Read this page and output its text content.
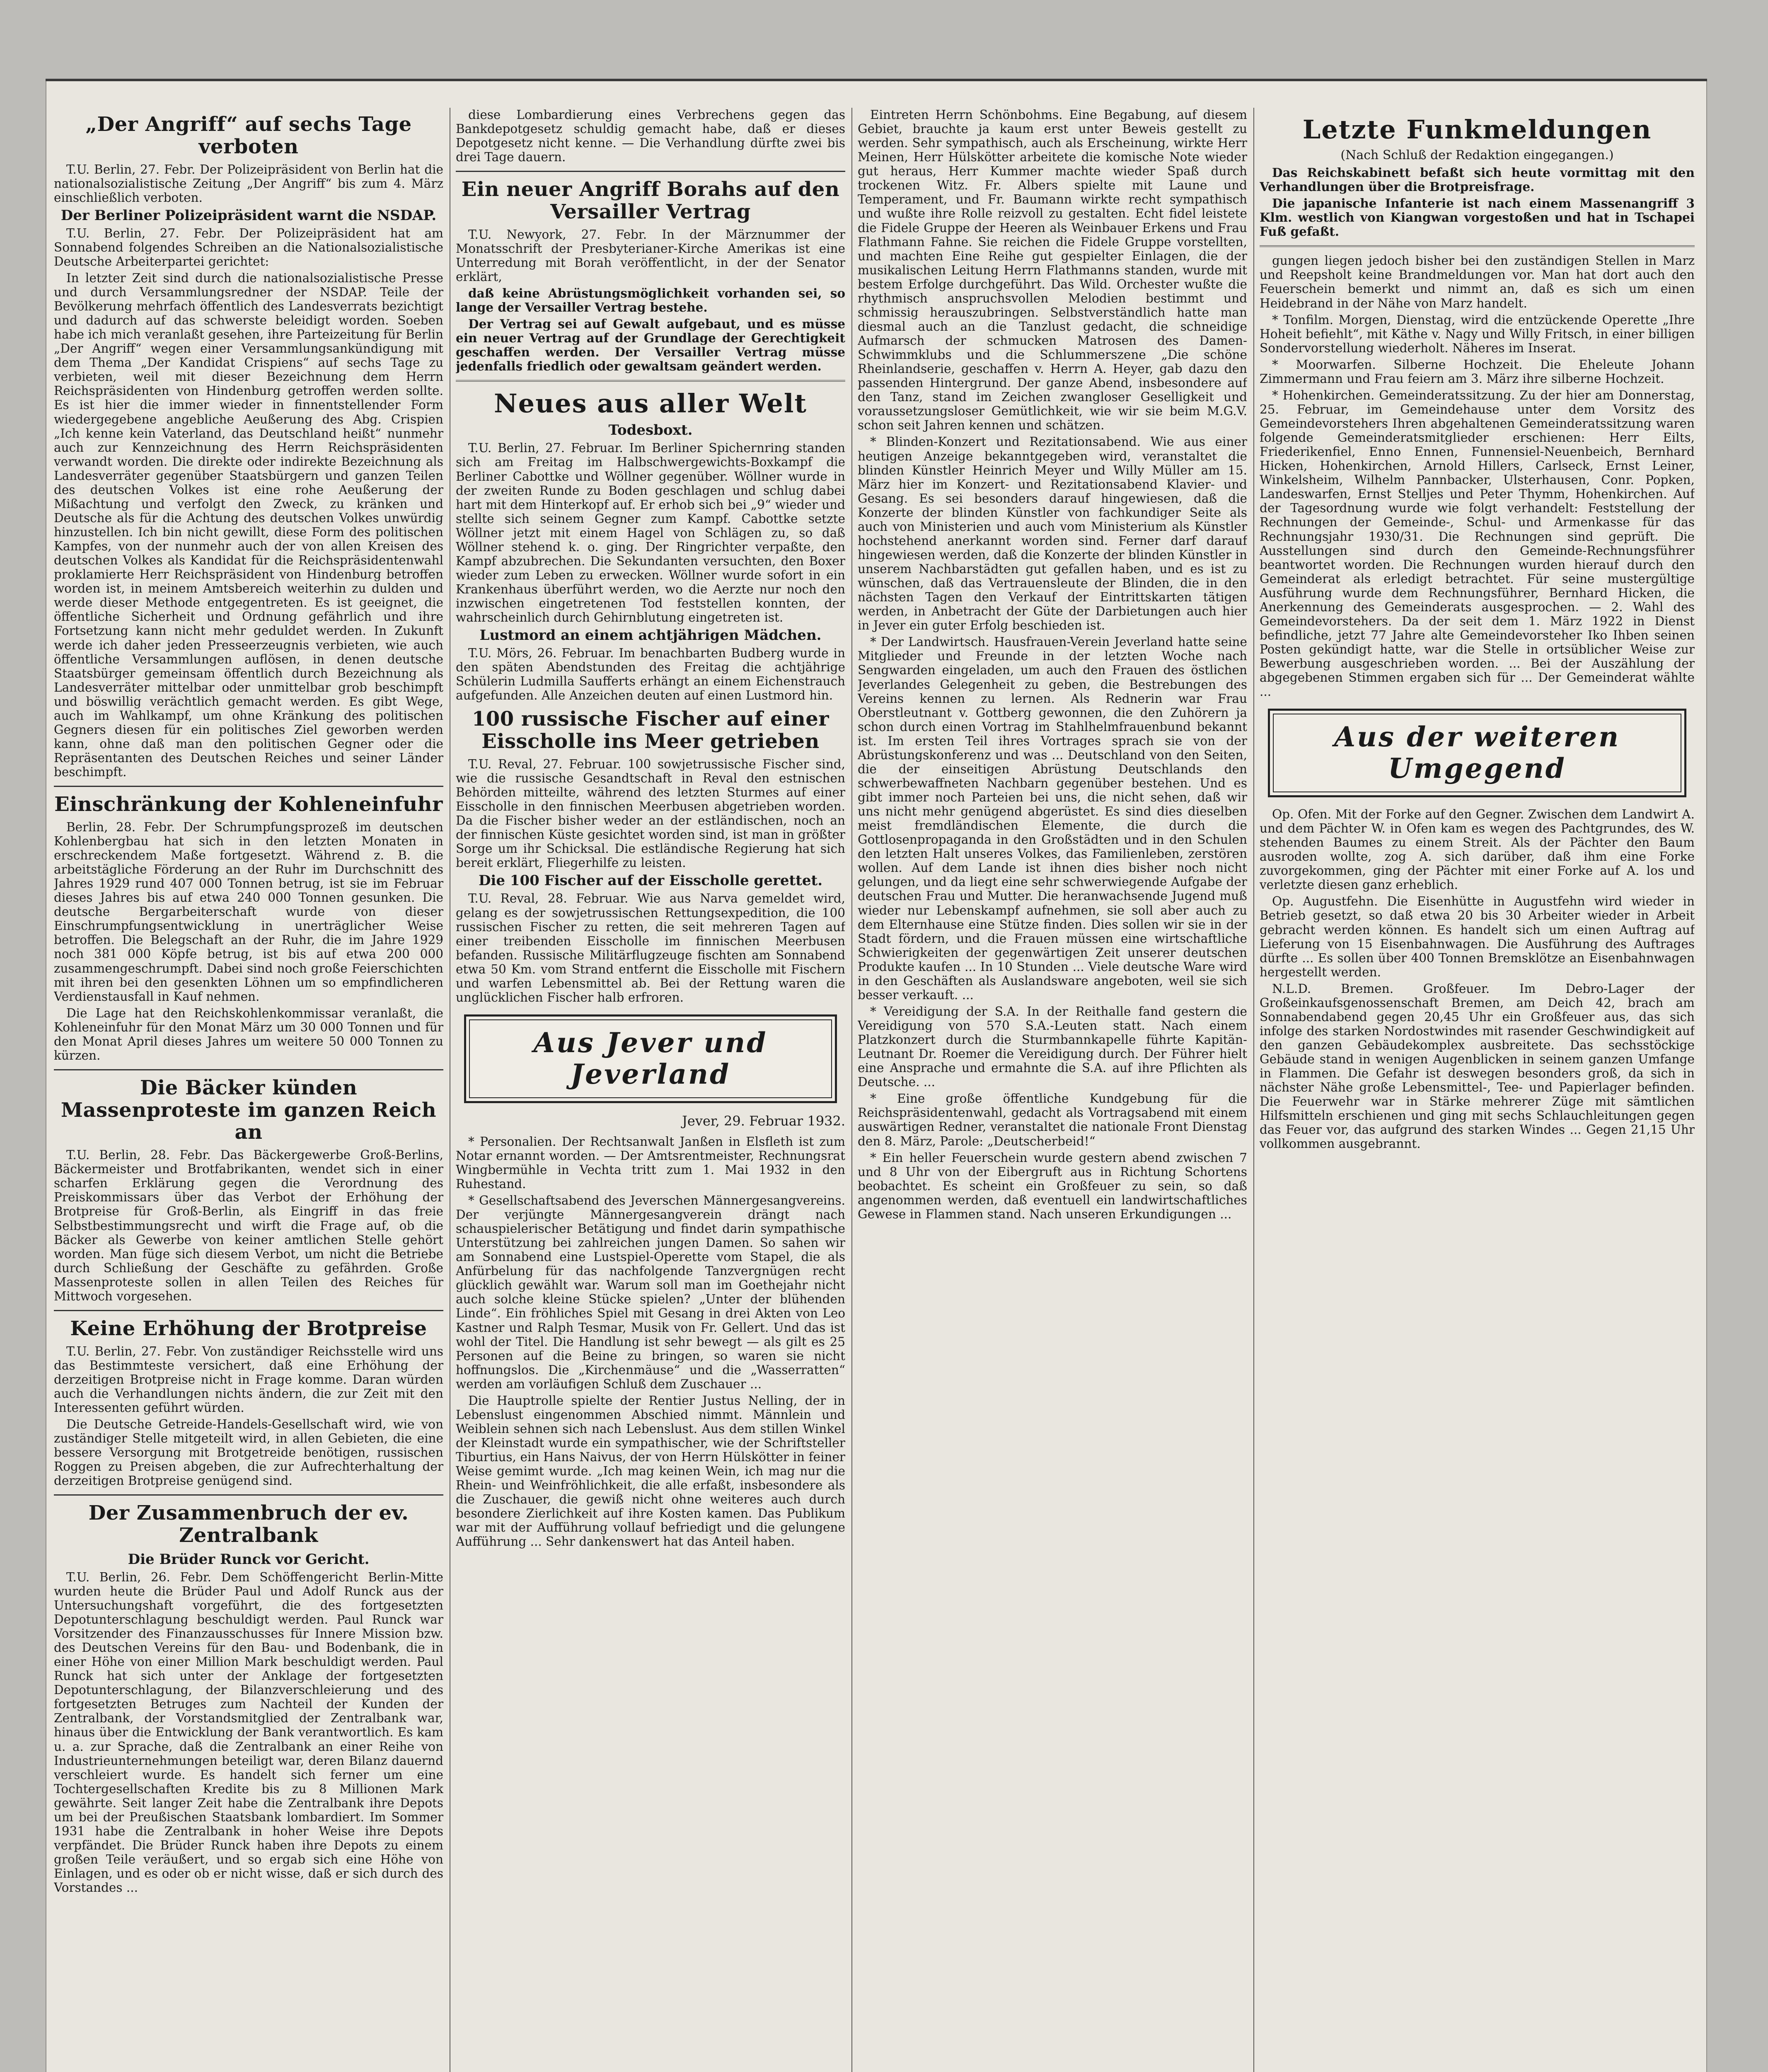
„Der Angriff“ auf sechs Tage verboten

T.U. Berlin, 27. Febr. Der Polizeipräsident von Berlin hat die nationalsozialistische Zeitung „Der Angriff“ bis zum 4. März einschließlich verboten.

Der Berliner Polizeipräsident warnt die NSDAP.

T.U. Berlin, 27. Febr. Der Polizeipräsident hat am Sonnabend folgendes Schreiben an die Nationalsozialistische Deutsche Arbeiterpartei gerichtet:

In letzter Zeit sind durch die nationalsozialistische Presse und durch Versammlungsredner der NSDAP. Teile der Bevölkerung mehrfach öffentlich des Landesverrats bezichtigt und dadurch auf das schwerste beleidigt worden. Soeben habe ich mich veranlaßt gesehen, ihre Parteizeitung für Berlin „Der Angriff“ wegen einer Versammlungsankündigung mit dem Thema „Der Kandidat Crispiens“ auf sechs Tage zu verbieten, weil mit dieser Bezeichnung dem Herrn Reichspräsidenten von Hindenburg getroffen werden sollte. Es ist hier die immer wieder in finnentstellender Form wiedergegebene angebliche Aeußerung des Abg. Crispien „Ich kenne kein Vaterland, das Deutschland heißt“ nunmehr auch zur Kennzeichnung des Herrn Reichspräsidenten verwandt worden. Die direkte oder indirekte Bezeichnung als Landesverräter gegenüber Staatsbürgern und ganzen Teilen des deutschen Volkes ist eine rohe Aeußerung der Mißachtung und verfolgt den Zweck, zu kränken und Deutsche als für die Achtung des deutschen Volkes unwürdig hinzustellen. Ich bin nicht gewillt, diese Form des politischen Kampfes, von der nunmehr auch der von allen Kreisen des deutschen Volkes als Kandidat für die Reichspräsidentenwahl proklamierte Herr Reichspräsident von Hindenburg betroffen worden ist, in meinem Amtsbereich weiterhin zu dulden und werde dieser Methode entgegentreten. Es ist geeignet, die öffentliche Sicherheit und Ordnung gefährlich und ihre Fortsetzung kann nicht mehr geduldet werden. In Zukunft werde ich daher jeden Presseerzeugnis verbieten, wie auch öffentliche Versammlungen auflösen, in denen deutsche Staatsbürger gemeinsam öffentlich durch Bezeichnung als Landesverräter mittelbar oder unmittelbar grob beschimpft und böswillig verächtlich gemacht werden. Es gibt Wege, auch im Wahlkampf, um ohne Kränkung des politischen Gegners diesen für ein politisches Ziel geworben werden kann, ohne daß man den politischen Gegner oder die Repräsentanten des Deutschen Reiches und seiner Länder beschimpft.

Einschränkung der Kohleneinfuhr

Berlin, 28. Febr. Der Schrumpfungsprozeß im deutschen Kohlenbergbau hat sich in den letzten Monaten in erschreckendem Maße fortgesetzt. Während z. B. die arbeitstägliche Förderung an der Ruhr im Durchschnitt des Jahres 1929 rund 407 000 Tonnen betrug, ist sie im Februar dieses Jahres bis auf etwa 240 000 Tonnen gesunken. Die deutsche Bergarbeiterschaft wurde von dieser Einschrumpfungsentwicklung in unerträglicher Weise betroffen. Die Belegschaft an der Ruhr, die im Jahre 1929 noch 381 000 Köpfe betrug, ist bis auf etwa 200 000 zusammengeschrumpft. Dabei sind noch große Feierschichten mit ihren bei den gesenkten Löhnen um so empfindlicheren Verdienstausfall in Kauf nehmen.

Die Lage hat den Reichskohlenkommissar veranlaßt, die Kohleneinfuhr für den Monat März um 30 000 Tonnen und für den Monat April dieses Jahres um weitere 50 000 Tonnen zu kürzen.

Die Bäcker künden Massenproteste im ganzen Reich an

T.U. Berlin, 28. Febr. Das Bäckergewerbe Groß-Berlins, Bäckermeister und Brotfabrikanten, wendet sich in einer scharfen Erklärung gegen die Verordnung des Preiskommissars über das Verbot der Erhöhung der Brotpreise für Groß-Berlin, als Eingriff in das freie Selbstbestimmungsrecht und wirft die Frage auf, ob die Bäcker als Gewerbe von keiner amtlichen Stelle gehört worden. Man füge sich diesem Verbot, um nicht die Betriebe durch Schließung der Geschäfte zu gefährden. Große Massenproteste sollen in allen Teilen des Reiches für Mittwoch vorgesehen.

Keine Erhöhung der Brotpreise

T.U. Berlin, 27. Febr. Von zuständiger Reichsstelle wird uns das Bestimmteste versichert, daß eine Erhöhung der derzeitigen Brotpreise nicht in Frage komme. Daran würden auch die Verhandlungen nichts ändern, die zur Zeit mit den Interessenten geführt würden.

Die Deutsche Getreide-Handels-Gesellschaft wird, wie von zuständiger Stelle mitgeteilt wird, in allen Gebieten, die eine bessere Versorgung mit Brotgetreide benötigen, russischen Roggen zu Preisen abgeben, die zur Aufrechterhaltung der derzeitigen Brotpreise genügend sind.

Der Zusammenbruch der ev. Zentralbank
Die Brüder Runck vor Gericht.

T.U. Berlin, 26. Febr. Dem Schöffengericht Berlin-Mitte wurden heute die Brüder Paul und Adolf Runck aus der Untersuchungshaft vorgeführt, die des fortgesetzten Depotunterschlagung beschuldigt werden. Paul Runck war Vorsitzender des Finanzausschusses für Innere Mission bzw. des Deutschen Vereins für den Bau- und Bodenbank, die in einer Höhe von einer Million Mark beschuldigt werden. Paul Runck hat sich unter der Anklage der fortgesetzten Depotunterschlagung, der Bilanzverschleierung und des fortgesetzten Betruges zum Nachteil der Kunden der Zentralbank, der Vorstandsmitglied der Zentralbank war, hinaus über die Entwicklung der Bank verantwortlich. Es kam u. a. zur Sprache, daß die Zentralbank an einer Reihe von Industrieunternehmungen beteiligt war, deren Bilanz dauernd verschleiert wurde. Es handelt sich ferner um eine Tochtergesellschaften Kredite bis zu 8 Millionen Mark gewährte. Seit langer Zeit habe die Zentralbank ihre Depots um bei der Preußischen Staatsbank lombardiert. Im Sommer 1931 habe die Zentralbank in hoher Weise ihre Depots verpfändet. Die Brüder Runck haben ihre Depots zu einem großen Teile veräußert, und so ergab sich eine Höhe von Einlagen, und es oder ob er nicht wisse, daß er sich durch des Vorstandes ...

diese Lombardierung eines Verbrechens gegen das Bankdepotgesetz schuldig gemacht habe, daß er dieses Depotgesetz nicht kenne. — Die Verhandlung dürfte zwei bis drei Tage dauern.

Ein neuer Angriff Borahs auf den Versailler Vertrag

T.U. Newyork, 27. Febr. In der Märznummer der Monatsschrift der Presbyterianer-Kirche Amerikas ist eine Unterredung mit Borah veröffentlicht, in der der Senator erklärt,

daß keine Abrüstungsmöglichkeit vorhanden sei, so lange der Versailler Vertrag bestehe.

Der Vertrag sei auf Gewalt aufgebaut, und es müsse ein neuer Vertrag auf der Grundlage der Gerechtigkeit geschaffen werden. Der Versailler Vertrag müsse jedenfalls friedlich oder gewaltsam geändert werden.

Neues aus aller Welt
Todesboxt.

T.U. Berlin, 27. Februar. Im Berliner Spichernring standen sich am Freitag im Halbschwergewichts-Boxkampf die Berliner Cabottke und Wöllner gegenüber. Wöllner wurde in der zweiten Runde zu Boden geschlagen und schlug dabei hart mit dem Hinterkopf auf. Er erhob sich bei „9“ wieder und stellte sich seinem Gegner zum Kampf. Cabottke setzte Wöllner jetzt mit einem Hagel von Schlägen zu, so daß Wöllner stehend k. o. ging. Der Ringrichter verpaßte, den Kampf abzubrechen. Die Sekundanten versuchten, den Boxer wieder zum Leben zu erwecken. Wöllner wurde sofort in ein Krankenhaus überführt werden, wo die Aerzte nur noch den inzwischen eingetretenen Tod feststellen konnten, der wahrscheinlich durch Gehirnblutung eingetreten ist.

Lustmord an einem achtjährigen Mädchen.

T.U. Mörs, 26. Februar. Im benachbarten Budberg wurde in den späten Abendstunden des Freitag die achtjährige Schülerin Ludmilla Saufferts erhängt an einem Eichenstrauch aufgefunden. Alle Anzeichen deuten auf einen Lustmord hin.

100 russische Fischer auf einer Eisscholle ins Meer getrieben

T.U. Reval, 27. Februar. 100 sowjetrussische Fischer sind, wie die russische Gesandtschaft in Reval den estnischen Behörden mitteilte, während des letzten Sturmes auf einer Eisscholle in den finnischen Meerbusen abgetrieben worden. Da die Fischer bisher weder an der estländischen, noch an der finnischen Küste gesichtet worden sind, ist man in größter Sorge um ihr Schicksal. Die estländische Regierung hat sich bereit erklärt, Fliegerhilfe zu leisten.

Die 100 Fischer auf der Eisscholle gerettet.

T.U. Reval, 28. Februar. Wie aus Narva gemeldet wird, gelang es der sowjetrussischen Rettungsexpedition, die 100 russischen Fischer zu retten, die seit mehreren Tagen auf einer treibenden Eisscholle im finnischen Meerbusen befanden. Russische Militärflugzeuge fischten am Sonnabend etwa 50 Km. vom Strand entfernt die Eisscholle mit Fischern und warfen Lebensmittel ab. Bei der Rettung waren die unglücklichen Fischer halb erfroren.

Aus Jever und Jeverland
Jever, 29. Februar 1932.

* Personalien. Der Rechtsanwalt Janßen in Elsfleth ist zum Notar ernannt worden. — Der Amtsrentmeister, Rechnungsrat Wingbermühle in Vechta tritt zum 1. Mai 1932 in den Ruhestand.

* Gesellschaftsabend des Jeverschen Männergesangvereins. Der verjüngte Männergesangverein drängt nach schauspielerischer Betätigung und findet darin sympathische Unterstützung bei zahlreichen jungen Damen. So sahen wir am Sonnabend eine Lustspiel-Operette vom Stapel, die als Anfürbelung für das nachfolgende Tanzvergnügen recht glücklich gewählt war. Warum soll man im Goethejahr nicht auch solche kleine Stücke spielen? „Unter der blühenden Linde“. Ein fröhliches Spiel mit Gesang in drei Akten von Leo Kastner und Ralph Tesmar, Musik von Fr. Gellert. Und das ist wohl der Titel. Die Handlung ist sehr bewegt — als gilt es 25 Personen auf die Beine zu bringen, so waren sie nicht hoffnungslos. Die „Kirchenmäuse“ und die „Wasserratten“ werden am vorläufigen Schluß dem Zuschauer ...

Die Hauptrolle spielte der Rentier Justus Nelling, der in Lebenslust eingenommen Abschied nimmt. Männlein und Weiblein sehnen sich nach Lebenslust. Aus dem stillen Winkel der Kleinstadt wurde ein sympathischer, wie der Schriftsteller Tiburtius, ein Hans Naivus, der von Herrn Hülskötter in feiner Weise gemimt wurde. „Ich mag keinen Wein, ich mag nur die Rhein- und Weinfröhlichkeit, die alle erfaßt, insbesondere als die Zuschauer, die gewiß nicht ohne weiteres auch durch besondere Zierlichkeit auf ihre Kosten kamen. Das Publikum war mit der Aufführung vollauf befriedigt und die gelungene Aufführung ... Sehr dankenswert hat das Anteil haben.

Eintreten Herrn Schönbohms. Eine Begabung, auf diesem Gebiet, brauchte ja kaum erst unter Beweis gestellt zu werden. Sehr sympathisch, auch als Erscheinung, wirkte Herr Meinen, Herr Hülskötter arbeitete die komische Note wieder gut heraus, Herr Kummer machte wieder Spaß durch trockenen Witz. Fr. Albers spielte mit Laune und Temperament, und Fr. Baumann wirkte recht sympathisch und wußte ihre Rolle reizvoll zu gestalten. Echt fidel leistete die Fidele Gruppe der Heeren als Weinbauer Erkens und Frau Flathmann Fahne. Sie reichen die Fidele Gruppe vorstellten, und machten Eine Reihe gut gespielter Einlagen, die der musikalischen Leitung Herrn Flathmanns standen, wurde mit bestem Erfolge durchgeführt. Das Wild. Orchester wußte die rhythmisch anspruchsvollen Melodien bestimmt und schmissig herauszubringen. Selbstverständlich hatte man diesmal auch an die Tanzlust gedacht, die schneidige Aufmarsch der schmucken Matrosen des Damen-Schwimmklubs und die Schlummerszene „Die schöne Rheinlandserie, geschaffen v. Herrn A. Heyer, gab dazu den passenden Hintergrund. Der ganze Abend, insbesondere auf den Tanz, stand im Zeichen zwangloser Geselligkeit und voraussetzungsloser Gemütlichkeit, wie wir sie beim M.G.V. schon seit Jahren kennen und schätzen.

* Blinden-Konzert und Rezitationsabend. Wie aus einer heutigen Anzeige bekanntgegeben wird, veranstaltet die blinden Künstler Heinrich Meyer und Willy Müller am 15. März hier im Konzert- und Rezitationsabend Klavier- und Gesang. Es sei besonders darauf hingewiesen, daß die Konzerte der blinden Künstler von fachkundiger Seite als auch von Ministerien und auch vom Ministerium als Künstler hochstehend anerkannt worden sind. Ferner darf darauf hingewiesen werden, daß die Konzerte der blinden Künstler in unserem Nachbarstädten gut gefallen haben, und es ist zu wünschen, daß das Vertrauensleute der Blinden, die in den nächsten Tagen den Verkauf der Eintrittskarten tätigen werden, in Anbetracht der Güte der Darbietungen auch hier in Jever ein guter Erfolg beschieden ist.

* Der Landwirtsch. Hausfrauen-Verein Jeverland hatte seine Mitglieder und Freunde in der letzten Woche nach Sengwarden eingeladen, um auch den Frauen des östlichen Jeverlandes Gelegenheit zu geben, die Bestrebungen des Vereins kennen zu lernen. Als Rednerin war Frau Oberstleutnant v. Gottberg gewonnen, die den Zuhörern ja schon durch einen Vortrag im Stahlhelmfrauenbund bekannt ist. Im ersten Teil ihres Vortrages sprach sie von der Abrüstungskonferenz und was ... Deutschland von den Seiten, die der einseitigen Abrüstung Deutschlands den schwerbewaffneten Nachbarn gegenüber bestehen. Und es gibt immer noch Parteien bei uns, die nicht sehen, daß wir uns nicht mehr genügend abgerüstet. Es sind dies dieselben meist fremdländischen Elemente, die durch die Gottlosenpropaganda in den Großstädten und in den Schulen den letzten Halt unseres Volkes, das Familienleben, zerstören wollen. Auf dem Lande ist ihnen dies bisher noch nicht gelungen, und da liegt eine sehr schwerwiegende Aufgabe der deutschen Frau und Mutter. Die heranwachsende Jugend muß wieder nur Lebenskampf aufnehmen, sie soll aber auch zu dem Elternhause eine Stütze finden. Dies sollen wir sie in der Stadt fördern, und die Frauen müssen eine wirtschaftliche Schwierigkeiten der gegenwärtigen Zeit unserer deutschen Produkte kaufen ... In 10 Stunden ... Viele deutsche Ware wird in den Geschäften als Auslandsware angeboten, weil sie sich besser verkauft. ...

* Vereidigung der S.A. In der Reithalle fand gestern die Vereidigung von 570 S.A.-Leuten statt. Nach einem Platzkonzert durch die Sturmbannkapelle führte Kapitän-Leutnant Dr. Roemer die Vereidigung durch. Der Führer hielt eine Ansprache und ermahnte die S.A. auf ihre Pflichten als Deutsche. ...

* Eine große öffentliche Kundgebung für die Reichspräsidentenwahl, gedacht als Vortragsabend mit einem auswärtigen Redner, veranstaltet die nationale Front Dienstag den 8. März, Parole: „Deutscherbeid!“

* Ein heller Feuerschein wurde gestern abend zwischen 7 und 8 Uhr von der Eibergruft aus in Richtung Schortens beobachtet. Es scheint ein Großfeuer zu sein, so daß angenommen werden, daß eventuell ein landwirtschaftliches Gewese in Flammen stand. Nach unseren Erkundigungen ...

Letzte Funkmeldungen
(Nach Schluß der Redaktion eingegangen.)

Das Reichskabinett befaßt sich heute vormittag mit den Verhandlungen über die Brotpreisfrage.

Die japanische Infanterie ist nach einem Massenangriff 3 Klm. westlich von Kiangwan vorgestoßen und hat in Tschapei Fuß gefaßt.

gungen liegen jedoch bisher bei den zuständigen Stellen in Marz und Reepsholt keine Brandmeldungen vor. Man hat dort auch den Feuerschein bemerkt und nimmt an, daß es sich um einen Heidebrand in der Nähe von Marz handelt.

* Tonfilm. Morgen, Dienstag, wird die entzückende Operette „Ihre Hoheit befiehlt“, mit Käthe v. Nagy und Willy Fritsch, in einer billigen Sondervorstellung wiederholt. Näheres im Inserat.

* Moorwarfen. Silberne Hochzeit. Die Eheleute Johann Zimmermann und Frau feiern am 3. März ihre silberne Hochzeit.

* Hohenkirchen. Gemeinderatssitzung. Zu der hier am Donnerstag, 25. Februar, im Gemeindehause unter dem Vorsitz des Gemeindevorstehers Ihren abgehaltenen Gemeinderatssitzung waren folgende Gemeinderatsmitglieder erschienen: Herr Eilts, Friederikenfiel, Enno Ennen, Funnensiel-Neuenbeich, Bernhard Hicken, Hohenkirchen, Arnold Hillers, Carlseck, Ernst Leiner, Winkelsheim, Wilhelm Pannbacker, Ulsterhausen, Conr. Popken, Landeswarfen, Ernst Stelljes und Peter Thymm, Hohenkirchen. Auf der Tagesordnung wurde wie folgt verhandelt: Feststellung der Rechnungen der Gemeinde-, Schul- und Armenkasse für das Rechnungsjahr 1930/31. Die Rechnungen sind geprüft. Die Ausstellungen sind durch den Gemeinde-Rechnungsführer beantwortet worden. Die Rechnungen wurden hierauf durch den Gemeinderat als erledigt betrachtet. Für seine mustergültige Ausführung wurde dem Rechnungsführer, Bernhard Hicken, die Anerkennung des Gemeinderats ausgesprochen. — 2. Wahl des Gemeindevorstehers. Da der seit dem 1. März 1922 in Dienst befindliche, jetzt 77 Jahre alte Gemeindevorsteher Iko Ihben seinen Posten gekündigt hatte, war die Stelle in ortsüblicher Weise zur Bewerbung ausgeschrieben worden. ... Bei der Auszählung der abgegebenen Stimmen ergaben sich für ... Der Gemeinderat wählte ...

Aus der weiteren Umgegend

Op. Ofen. Mit der Forke auf den Gegner. Zwischen dem Landwirt A. und dem Pächter W. in Ofen kam es wegen des Pachtgrundes, des W. stehenden Baumes zu einem Streit. Als der Pächter den Baum ausroden wollte, zog A. sich darüber, daß ihm eine Forke zuvorgekommen, ging der Pächter mit einer Forke auf A. los und verletzte diesen ganz erheblich.

Op. Augustfehn. Die Eisenhütte in Augustfehn wird wieder in Betrieb gesetzt, so daß etwa 20 bis 30 Arbeiter wieder in Arbeit gebracht werden können. Es handelt sich um einen Auftrag auf Lieferung von 15 Eisenbahnwagen. Die Ausführung des Auftrages dürfte ... Es sollen über 400 Tonnen Bremsklötze an Eisenbahnwagen hergestellt werden.

N.L.D. Bremen. Großfeuer. Im Debro-Lager der Großeinkaufsgenossenschaft Bremen, am Deich 42, brach am Sonnabendabend gegen 20,45 Uhr ein Großfeuer aus, das sich infolge des starken Nordostwindes mit rasender Geschwindigkeit auf den ganzen Gebäudekomplex ausbreitete. Das sechsstöckige Gebäude stand in wenigen Augenblicken in seinem ganzen Umfange in Flammen. Die Gefahr ist deswegen besonders groß, da sich in nächster Nähe große Lebensmittel-, Tee- und Papierlager befinden. Die Feuerwehr war in Stärke mehrerer Züge mit sämtlichen Hilfsmitteln erschienen und ging mit sechs Schlauchleitungen gegen das Feuer vor, das aufgrund des starken Windes ... Gegen 21,15 Uhr vollkommen ausgebrannt.
